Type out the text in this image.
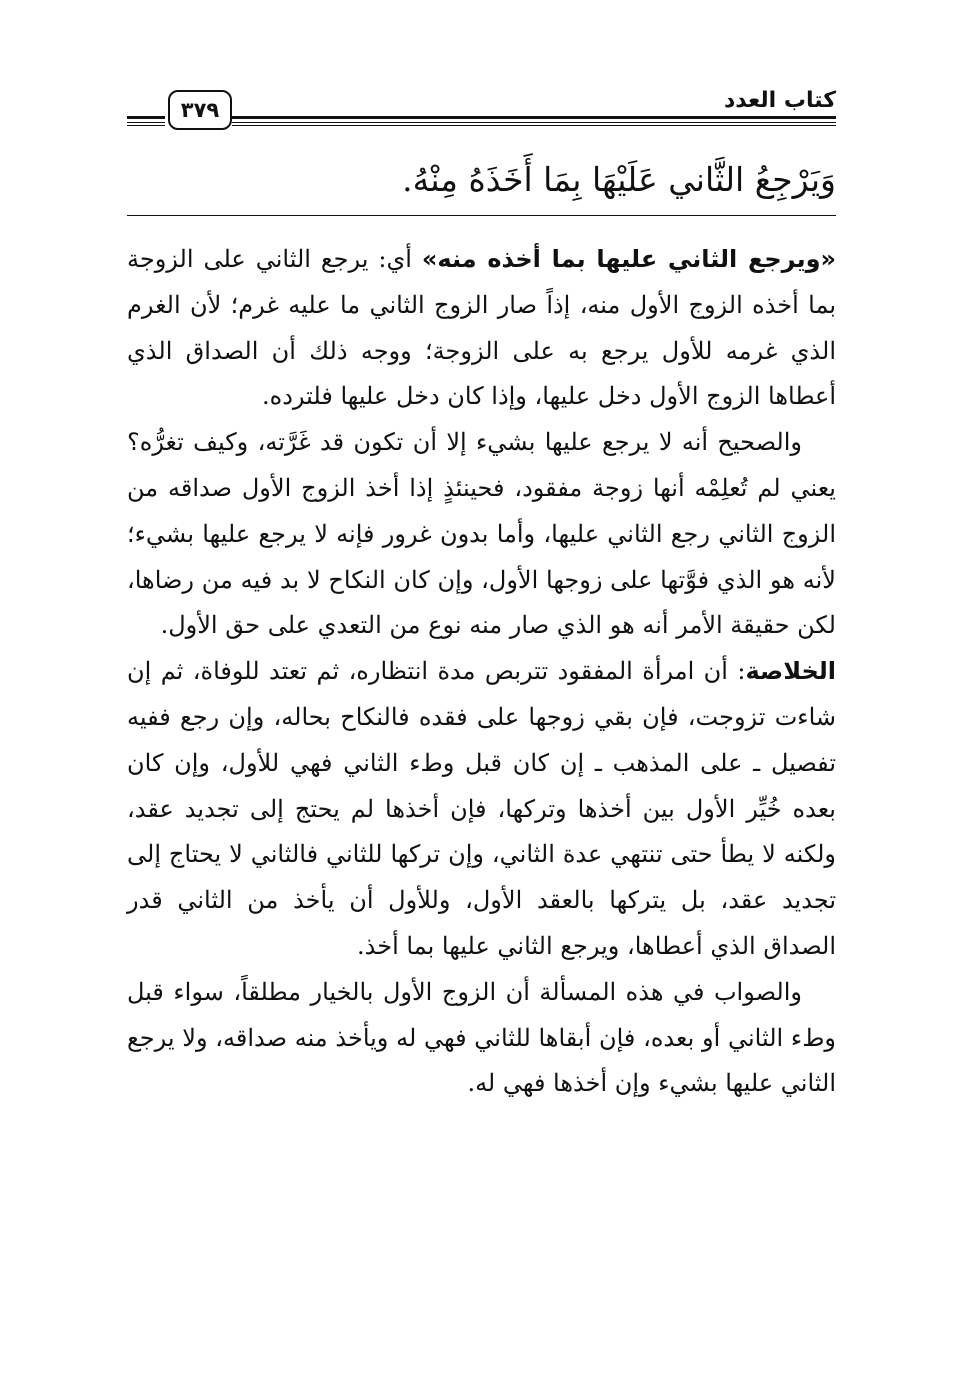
كتاب العدد
٣٧٩
وَيَرْجِعُ الثَّاني عَلَيْهَا بِمَا أَخَذَهُ مِنْهُ.

«ويرجع الثاني عليها بما أخذه منه» أي: يرجع الثاني على الزوجة بما أخذه الزوج الأول منه، إذاً صار الزوج الثاني ما عليه غرم؛ لأن الغرم الذي غرمه للأول يرجع به على الزوجة؛ ووجه ذلك أن الصداق الذي أعطاها الزوج الأول دخل عليها، وإذا كان دخل عليها فلترده.

والصحيح أنه لا يرجع عليها بشيء إلا أن تكون قد غَرَّته، وكيف تغرُّه؟ يعني لم تُعلِمْه أنها زوجة مفقود، فحينئذٍ إذا أخذ الزوج الأول صداقه من الزوج الثاني رجع الثاني عليها، وأما بدون غرور فإنه لا يرجع عليها بشيء؛ لأنه هو الذي فوَّتها على زوجها الأول، وإن كان النكاح لا بد فيه من رضاها، لكن حقيقة الأمر أنه هو الذي صار منه نوع من التعدي على حق الأول.

الخلاصة: أن امرأة المفقود تتربص مدة انتظاره، ثم تعتد للوفاة، ثم إن شاءت تزوجت، فإن بقي زوجها على فقده فالنكاح بحاله، وإن رجع ففيه تفصيل ـ على المذهب ـ إن كان قبل وطء الثاني فهي للأول، وإن كان بعده خُيِّر الأول بين أخذها وتركها، فإن أخذها لم يحتج إلى تجديد عقد، ولكنه لا يطأ حتى تنتهي عدة الثاني، وإن تركها للثاني فالثاني لا يحتاج إلى تجديد عقد، بل يتركها بالعقد الأول، وللأول أن يأخذ من الثاني قدر الصداق الذي أعطاها، ويرجع الثاني عليها بما أخذ.

والصواب في هذه المسألة أن الزوج الأول بالخيار مطلقاً، سواء قبل وطء الثاني أو بعده، فإن أبقاها للثاني فهي له ويأخذ منه صداقه، ولا يرجع الثاني عليها بشيء وإن أخذها فهي له.
